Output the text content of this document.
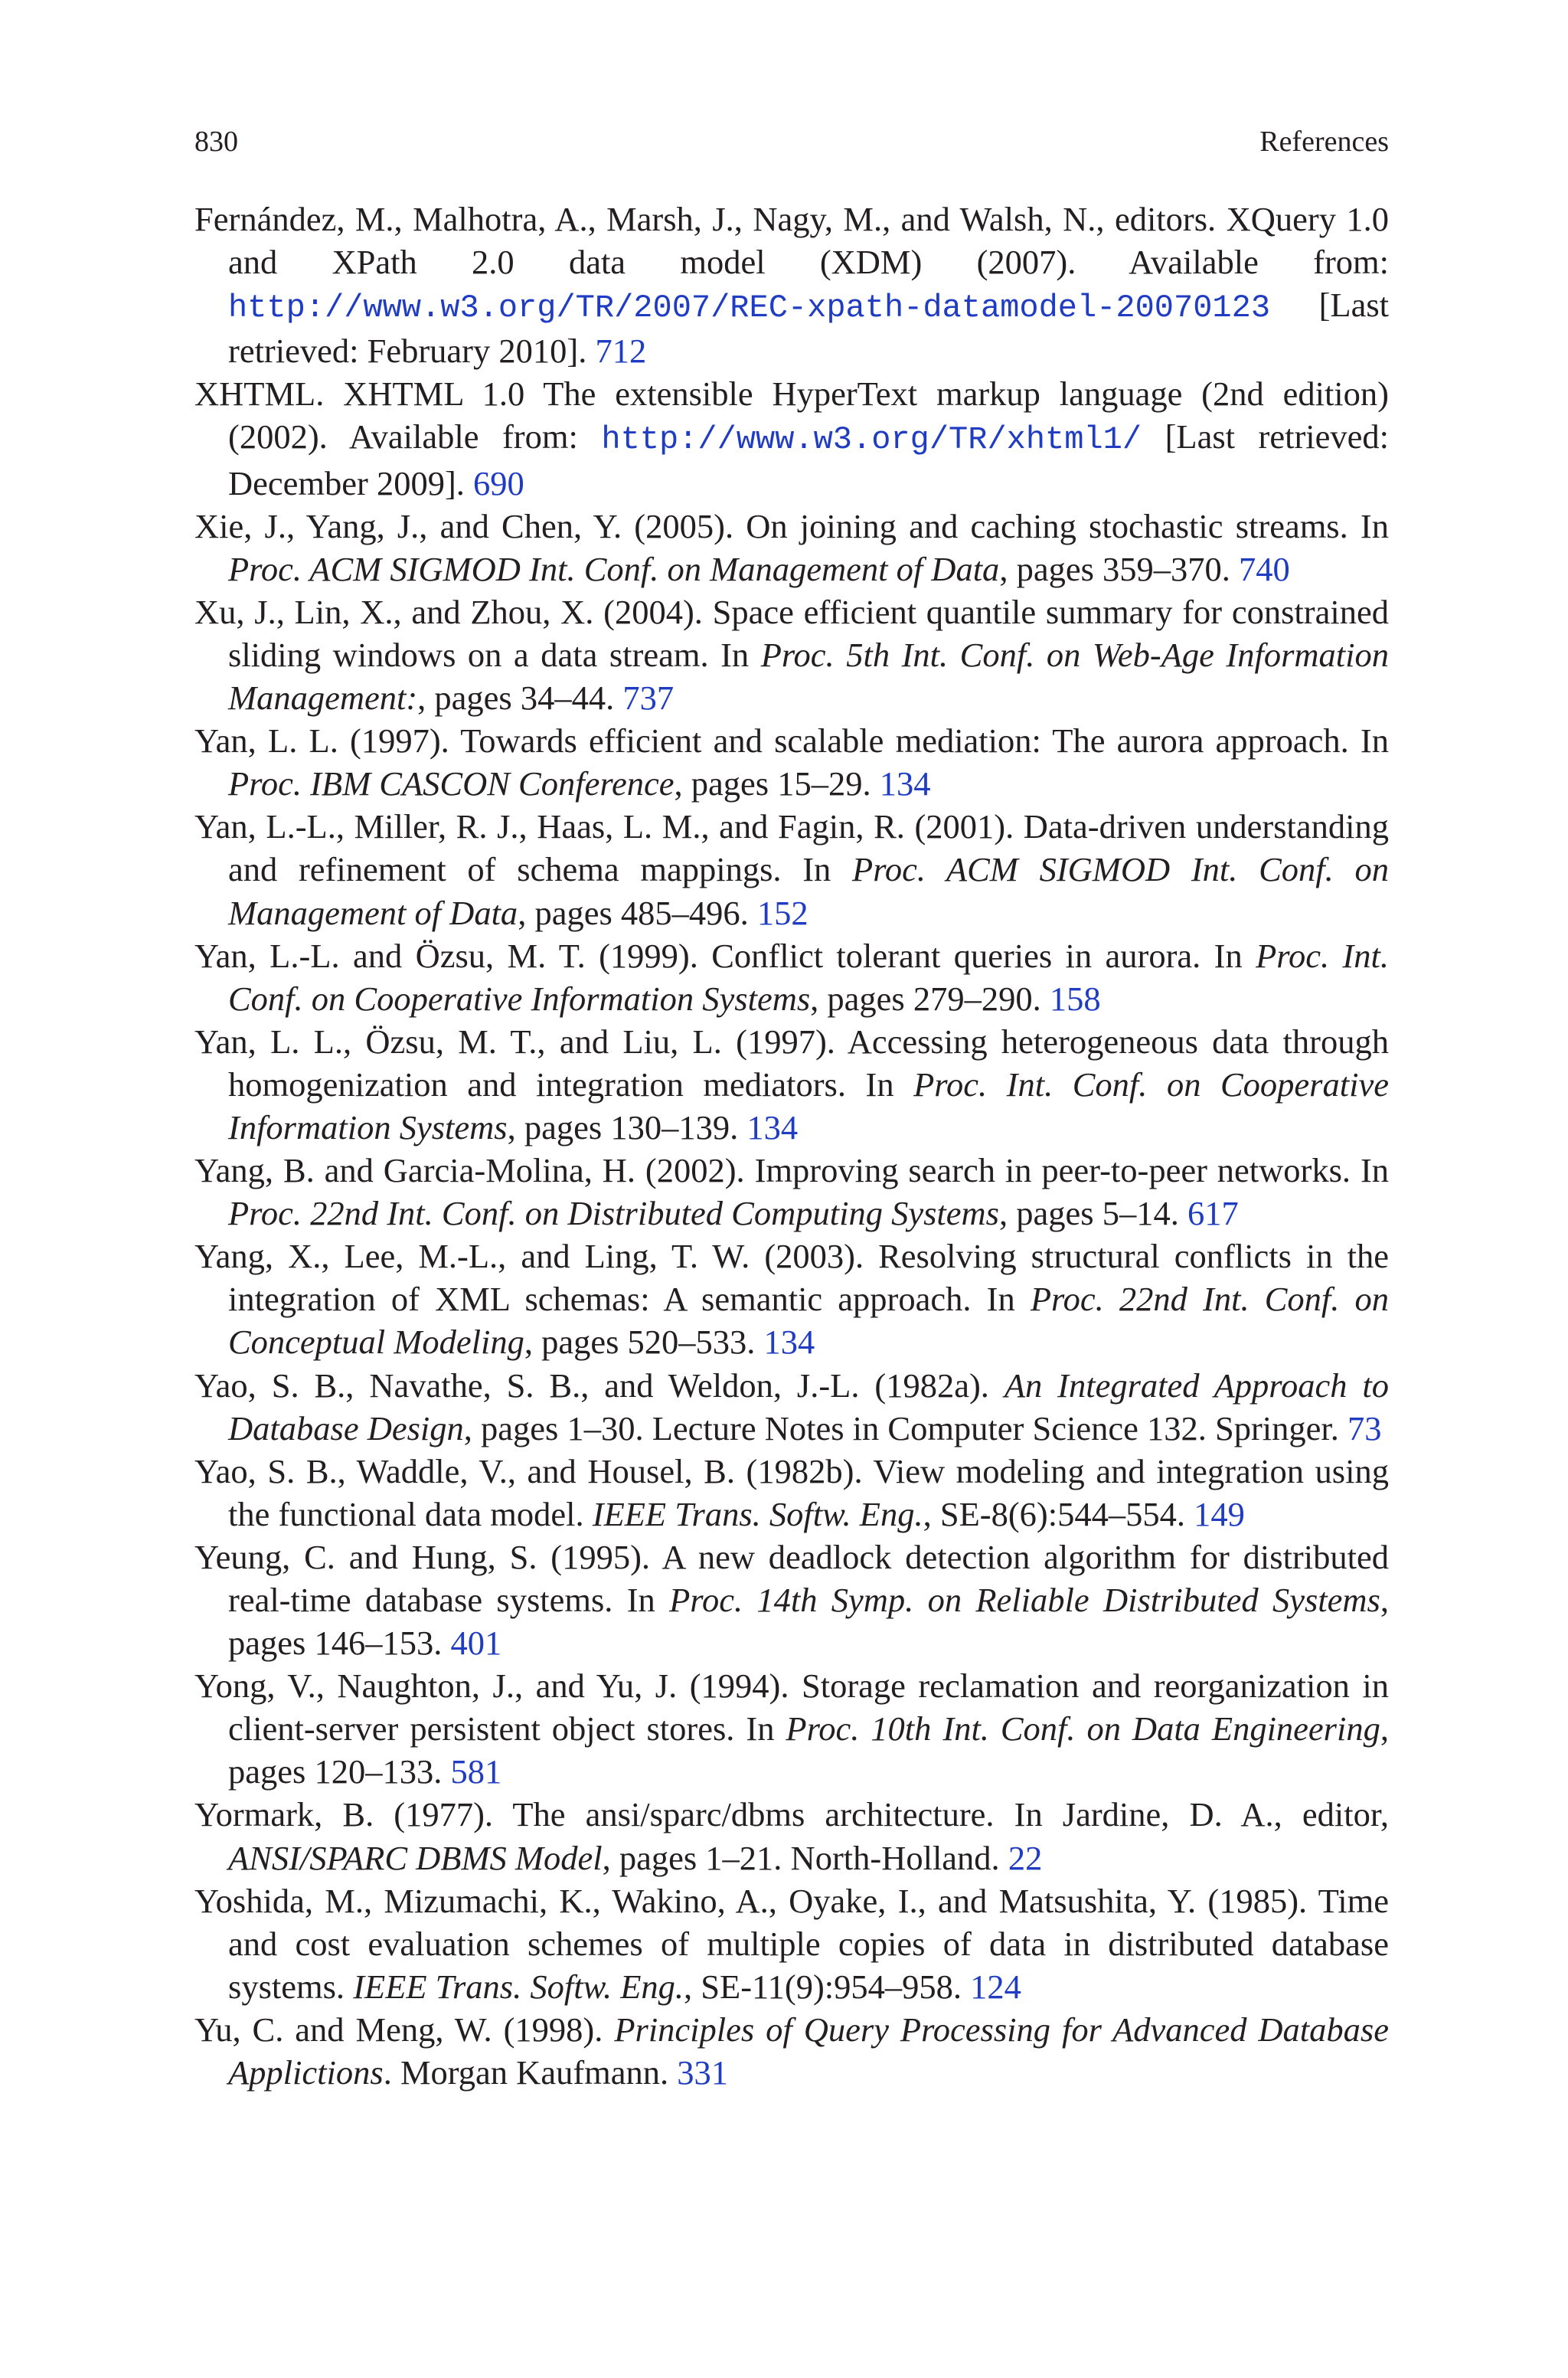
830	References

Fernández, M., Malhotra, A., Marsh, J., Nagy, M., and Walsh, N., editors. XQuery 1.0 and XPath 2.0 data model (XDM) (2007). Available from: http://www.w3.org/TR/2007/REC-xpath-datamodel-20070123 [Last retrieved: February 2010]. 712

XHTML. XHTML 1.0 The extensible HyperText markup language (2nd edition) (2002). Available from: http://www.w3.org/TR/xhtml1/ [Last retrieved: December 2009]. 690

Xie, J., Yang, J., and Chen, Y. (2005). On joining and caching stochastic streams. In Proc. ACM SIGMOD Int. Conf. on Management of Data, pages 359–370. 740

Xu, J., Lin, X., and Zhou, X. (2004). Space efficient quantile summary for constrained sliding windows on a data stream. In Proc. 5th Int. Conf. on Web-Age Information Management:, pages 34–44. 737

Yan, L. L. (1997). Towards efficient and scalable mediation: The aurora approach. In Proc. IBM CASCON Conference, pages 15–29. 134

Yan, L.-L., Miller, R. J., Haas, L. M., and Fagin, R. (2001). Data-driven understanding and refinement of schema mappings. In Proc. ACM SIGMOD Int. Conf. on Management of Data, pages 485–496. 152

Yan, L.-L. and Özsu, M. T. (1999). Conflict tolerant queries in aurora. In Proc. Int. Conf. on Cooperative Information Systems, pages 279–290. 158

Yan, L. L., Özsu, M. T., and Liu, L. (1997). Accessing heterogeneous data through homogenization and integration mediators. In Proc. Int. Conf. on Cooperative Information Systems, pages 130–139. 134

Yang, B. and Garcia-Molina, H. (2002). Improving search in peer-to-peer networks. In Proc. 22nd Int. Conf. on Distributed Computing Systems, pages 5–14. 617

Yang, X., Lee, M.-L., and Ling, T. W. (2003). Resolving structural conflicts in the integration of XML schemas: A semantic approach. In Proc. 22nd Int. Conf. on Conceptual Modeling, pages 520–533. 134

Yao, S. B., Navathe, S. B., and Weldon, J.-L. (1982a). An Integrated Approach to Database Design, pages 1–30. Lecture Notes in Computer Science 132. Springer. 73

Yao, S. B., Waddle, V., and Housel, B. (1982b). View modeling and integration using the functional data model. IEEE Trans. Softw. Eng., SE-8(6):544–554. 149

Yeung, C. and Hung, S. (1995). A new deadlock detection algorithm for distributed real-time database systems. In Proc. 14th Symp. on Reliable Distributed Systems, pages 146–153. 401

Yong, V., Naughton, J., and Yu, J. (1994). Storage reclamation and reorganization in client-server persistent object stores. In Proc. 10th Int. Conf. on Data Engineering, pages 120–133. 581

Yormark, B. (1977). The ansi/sparc/dbms architecture. In Jardine, D. A., editor, ANSI/SPARC DBMS Model, pages 1–21. North-Holland. 22

Yoshida, M., Mizumachi, K., Wakino, A., Oyake, I., and Matsushita, Y. (1985). Time and cost evaluation schemes of multiple copies of data in distributed database systems. IEEE Trans. Softw. Eng., SE-11(9):954–958. 124

Yu, C. and Meng, W. (1998). Principles of Query Processing for Advanced Database Applictions. Morgan Kaufmann. 331
